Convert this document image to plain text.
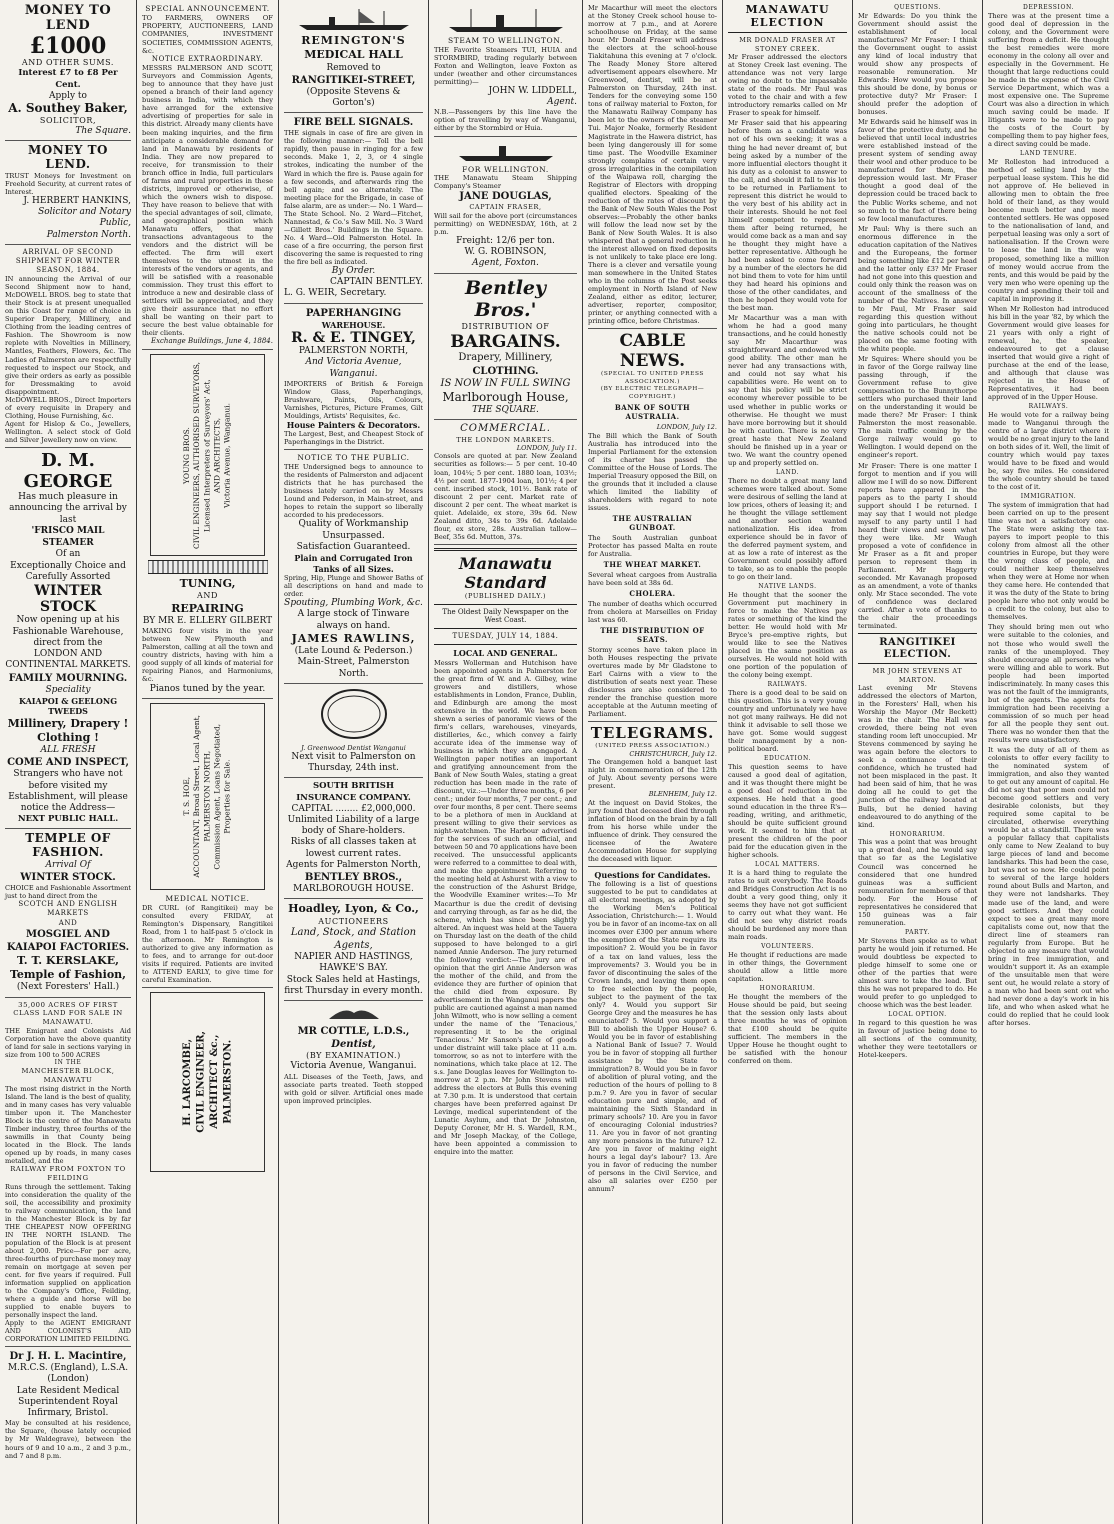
MONEY TO LEND
£1000
AND OTHER SUMS.
Interest £7 to £8 Per Cent.
Apply to
A. Southey Baker,
SOLICITOR,
The Square.
MONEY TO LEND.

TRUST Moneys for Investment on Freehold Security, at current rates of Interest.

J. HERBERT HANKINS,
Solicitor and Notary Public,
Palmerston North.
ARRIVAL OF SECOND SHIPMENT FOR WINTER SEASON, 1884.

IN announcing the Arrival of our Second Shipment now to hand, McDOWELL BROS. beg to state that their Stock is at present unequalled on this Coast for range of choice in Superior Drapery, Millinery, and Clothing from the leading centres of Fashion. The Showroom is now replete with Novelties in Millinery, Mantles, Feathers, Flowers, &c. The Ladies of Palmerston are respectfully requested to inspect our Stock, and give their orders as early as possible for Dressmaking to avoid disappointment.

McDOWELL BROS., Direct Importers of every requisite in Drapery and Clothing, House Furnishing, &c.

Agent for Hislop & Co., Jewellers, Wellington. A select stock of Gold and Silver Jewellery now on view.

D. M. GEORGE
Has much pleasure in announcing the arrival by last
'FRISCO MAIL STEAMER
Of an
Exceptionally Choice and Carefully Assorted
WINTER STOCK
Now opening up at his Fashionable Warehouse, direct from the
LONDON AND CONTINENTAL MARKETS.
FAMILY MOURNING.
Speciality
KAIAPOI & GEELONG TWEEDS
Millinery, Drapery ! Clothing !
ALL FRESH
COME AND INSPECT,
Strangers who have not before visited my Establishment, will please notice the Address—
NEXT PUBLIC HALL.
TEMPLE OF FASHION.
Arrival Of
WINTER STOCK.

CHOICE and Fashionable Assortment just to hand direct from the

SCOTCH AND ENGLISH MARKETS
AND
MOSGIEL AND KAIAPOI FACTORIES.
T. T. KERSLAKE,
Temple of Fashion,
(Next Foresters' Hall.)
35,000 ACRES OF FIRST CLASS LAND FOR SALE IN MANAWATU.

THE Emigrant and Colonists Aid Corporation have the above quantity of land for sale in sections varying in size from 100 to 500 ACRES

IN THE
MANCHESTER BLOCK, MANAWATU

The most rising district in the North Island. The land is the best of quality, and in many cases has very valuable timber upon it. The Manchester Block is the centre of the Manawatu Timber industry, three fourths of the sawmills in that County being located in the Block. The lands opened up by roads, in many cases metalled, and the

RAILWAY FROM FOXTON TO FEILDING

Runs through the settlement. Taking into consideration the quality of the soil, the accessibility and proximity to railway communication, the land in the Manchester Block is by far THE CHEAPEST NOW OFFERING IN THE NORTH ISLAND. The population of the Block is at present about 2,000. Price—For per acre, three-fourths of purchase money may remain on mortgage at seven per cent. for five years if required. Full information supplied on application to the Company's Office, Feilding, where a guide and horse will be supplied to enable buyers to personally inspect the land.

Apply to the AGENT EMIGRANT AND COLONIST'S AID CORPORATION LIMITED FEILDING.

Dr J. H. L. Macintire,
M.R.C.S. (England), L.S.A. (London)
Late Resident Medical Superintendent Royal Infirmary, Bristol.

May be consulted at his residence, the Square, (house lately occupied by Mr Waldegrave), between the hours of 9 and 10 a.m., 2 and 3 p.m., and 7 and 8 p.m.

SPECIAL ANNOUNCEMENT.

TO FARMERS, OWNERS OF PROPERTY, AUCTIONEERS, LAND COMPANIES, INVESTMENT SOCIETIES, COMMISSION AGENTS, &c.

NOTICE EXTRAORDINARY.

MESSRS PALMERSON AND SCOTT, Surveyors and Commission Agents, beg to announce that they have just opened a branch of their land agency business in India, with which they have arranged for the extensive advertising of properties for sale in this district. Already many clients have been making inquiries, and the firm anticipate a considerable demand for land in Manawatu by residents of India. They are now prepared to receive, for transmission to their branch office in India, full particulars of farms and rural properties in these districts, improved or otherwise, of which the owners wish to dispose. They have reason to believe that with the special advantages of soil, climate, and geographical position which Manawatu offers, that many transactions advantageous to the vendors and the district will be effected. The firm will exert themselves to the utmost in the interests of the vendors or agents, and will be satisfied with a reasonable commission. They trust this effort to introduce a new and desirable class of settlers will be appreciated, and they give their assurance that no effort shall be wanting on their part to secure the best value obtainable for their clients.

Exchange Buildings, June 4, 1884.
YOUNG BROS.
CIVIL ENGINEERS, AUTHORISED SURVEYORS,
Licensed Interpreters of Surveyors' Act,
AND ARCHITECTS,
Victoria Avenue, Wanganui.
TUNING,
AND
REPAIRING
BY MR E. ELLERY GILBERT

MAKING four visits in the year between New Plymouth and Palmerston, calling at all the town and country districts, having with him a good supply of all kinds of material for repairing Pianos, and Harmoniums, &c.

Pianos tuned by the year.
T. S. HOE,
ACCOUNTANT, Broad Street, Local Agent,
PALMERSTON NORTH,
Commission Agent, Loans Negotiated,
Properties for Sale.
MEDICAL NOTICE.

DR CURL (of Rangitikei) may be consulted every FRIDAY, at Remington's Dispensary, Rangitikei Road, from 1 to half-past 5 o'clock in the afternoon. Mr Remington is authorized to give any information as to fees, and to arrange for out-door visits if required. Patients are invited to ATTEND EARLY, to give time for careful Examination.

H. LARCOMBE,
CIVIL ENGINEER,
ARCHITECT &c.,
PALMERSTON.
REMINGTON'S
MEDICAL HALL
Removed to
RANGITIKEI-STREET,
(Opposite Stevens & Gorton's)
FIRE BELL SIGNALS.

THE signals in case of fire are given in the following manner:— Toll the bell rapidly, then pause in ringing for a few seconds. Make 1, 2, 3, or 4 single strokes, indicating the number of the Ward in which the fire is. Pause again for a few seconds, and afterwards ring the bell again; and so alternately. The meeting place for the Brigade, in case of false alarm, are as under:— No. 1 Ward—The State School. No. 2 Ward—Fitchet, Nannestad, & Co.'s Saw Mill. No. 3 Ward—Gillett Bros.' Buildings in the Square. No. 4 Ward—Old Palmerston Hotel. In case of a fire occurring, the person first discovering the same is requested to ring the fire bell as indicated.

By Order.
CAPTAIN BENTLEY.
L. G. WEIR, Secretary.
PAPERHANGING
WAREHOUSE.
R. & E. TINGEY,
PALMERSTON NORTH,
And Victoria Avenue, Wanganui.

IMPORTERS of British & Foreign Window Glass, Paperhangings, Brushware, Paints, Oils, Colours, Varnishes, Pictures, Picture Frames, Gilt Mouldings, Artists' Requisites, &c.

House Painters & Decorators.

The Largest, Best, and Cheapest Stock of Paperhangings in the District.

NOTICE TO THE PUBLIC.

THE Undersigned begs to announce to the residents of Palmerston and adjacent districts that he has purchased the business lately carried on by Messrs Lound and Pederson, in Main-street, and hopes to retain the support so liberally accorded to his predecessors.

Quality of Workmanship Unsurpassed.
Satisfaction Guaranteed.
Plain and Corrugated Iron Tanks of all Sizes.

Spring, Hip, Plunge and Shower Baths of all descriptions on hand and made to order.

Spouting, Plumbing Work, &c.
A large stock of Tinware always on hand.
JAMES RAWLINS,
(Late Lound & Pederson.)
Main-Street, Palmerston North.
J. Greenwood Dentist Wanganui
Next visit to Palmerston on Thursday, 24th inst.
SOUTH BRITISH INSURANCE COMPANY.
CAPITAL ........ £2,000,000.
Unlimited Liability of a large body of Share-holders.
Risks of all classes taken at lowest current rates.
Agents for Palmerston North,
BENTLEY BROS.,
MARLBOROUGH HOUSE.
Hoadley, Lyon, & Co.,
AUCTIONEERS
Land, Stock, and Station Agents,
NAPIER AND HASTINGS, HAWKE'S BAY.
Stock Sales held at Hastings, first Thursday in every month.
MR COTTLE, L.D.S.,
Dentist,
(BY EXAMINATION.)
Victoria Avenue, Wanganui.

ALL Diseases of the Teeth, Jaws, and associate parts treated. Teeth stopped with gold or silver. Artificial ones made upon improved principles.

STEAM TO WELLINGTON.

THE Favorite Steamers TUI, HUIA and STORMBIRD, trading regularly between Foxton and Wellington, leave Foxton as under (weather and other circumstances permitting)—

JOHN W. LIDDELL,
Agent.

N.B.—Passengers by this line have the option of travelling by way of Wanganui, either by the Stormbird or Huia.

FOR WELLINGTON.

THE Manawatu Steam Shipping Company's Steamer

JANE DOUGLAS,
CAPTAIN FRASER,

Will sail for the above port (circumstances permitting) on WEDNESDAY, 16th, at 2 p.m.

Freight: 12/6 per ton.
W. G. ROBINSON,
Agent, Foxton.
Bentley Bros.'
DISTRIBUTION OF
BARGAINS.
Drapery, Millinery,
CLOTHING.
IS NOW IN FULL SWING
Marlborough House,
THE SQUARE.
COMMERCIAL.
THE LONDON MARKETS.
LONDON, July 11.

Consols are quoted at par. New Zealand securities as follows:— 5 per cent. 10-40 loan, 104¼; 5 per cent. 1880 loan, 103½; 4½ per cent. 1877-1904 loan, 101½; 4 per cent. inscribed stock, 101½. Bank rate of discount 2 per cent. Market rate of discount 2 per cent. The wheat market is quiet. Adelaide, ex store, 39s 6d. New Zealand ditto, 34s to 39s 6d. Adelaide flour, ex store, 28s. Australian tallow—Beef, 35s 6d. Mutton, 37s.

Manawatu Standard
(PUBLISHED DAILY.)
The Oldest Daily Newspaper on the West Coast.
TUESDAY, JULY 14, 1884.
LOCAL AND GENERAL.

Messrs Wollerman and Hutchison have been appointed agents in Palmerston for the great firm of W. and A. Gilbey, wine growers and distillers, whose establishments in London, France, Dublin, and Edinburgh are among the most extensive in the world. We have been shewn a series of panoramic views of the firm's cellars, warehouses, vineyards, distilleries, &c., which convey a fairly accurate idea of the immense way of business in which they are engaged. A Wellington paper notifies an important and gratifying announcement from the Bank of New South Wales, stating a great reduction has been made in the rate of discount, viz.:—Under three months, 6 per cent.; under four months, 7 per cent.; and over four months, 8 per cent. There seems to be a plethora of men in Auckland at present willing to give their services as night-watchmen. The Harbour advertised for the services of such an official, and between 50 and 70 applications have been received. The unsuccessful applicants were referred to a committee to deal with, and make the appointment. Referring to the meeting held at Ashurst with a view to the construction of the Ashurst Bridge, the Woodville Examiner writes:—To Mr Macarthur is due the credit of devising and carrying through, as far as he did, the scheme, which has since been slightly altered. An inquest was held at the Tauera on Thursday last on the death of the child supposed to have belonged to a girl named Annie Anderson. The jury returned the following verdict:—The jury are of opinion that the girl Annie Anderson was the mother of the child, and from the evidence they are further of opinion that the child died from exposure. By advertisement in the Wanganui papers the public are cautioned against a man named John Wilmott, who is now selling a cement under the name of the 'Tenacious,' representing it to be the original 'Tenacious.' Mr Sanson's sale of goods under distraint will take place at 11 a.m. tomorrow, so as not to interfere with the nominations, which take place at 12. The s.s. Jane Douglas leaves for Wellington to-morrow at 2 p.m. Mr John Stevens will address the electors at Bulls this evening at 7.30 p.m. It is understood that certain charges have been preferred against Dr Levinge, medical superintendent of the Lunatic Asylum, and that Dr Johnston, Deputy Coroner, Mr H. S. Wardell, R.M., and Mr Joseph Mackay, of the College, have been appointed a commission to enquire into the matter.

Mr Macarthur will meet the electors at the Stoney Creek school house to-morrow at 7 p.m., and at Aorere schoolhouse on Friday, at the same hour. Mr Donald Fraser will address the electors at the school-house Tiakitahuna this evening at 7 o'clock. The Ready Money Store altered advertisement appears elsewhere. Mr Greenwood, dentist, will be at Palmerston on Thursday, 24th inst. Tenders for the conveying some 150 tons of railway material to Foxton, for the Manawatu Railway Company has been let to the owners of the steamer Tui. Major Noake, formerly Resident Magistrate in the Hawera district, has been lying dangerously ill for some time past. The Woodville Examiner strongly complains of certain very gross irregularities in the compilation of the Waipawa roll, charging the Registrar of Electors with dropping qualified electors. Speaking of the reduction of the rates of discount by the Bank of New South Wales the Post observes:—Probably the other banks will follow the lead now set by the Bank of New South Wales. It is also whispered that a general reduction in the interest allowed on fixed deposits is not unlikely to take place ere long. There is a clever and versatile young man somewhere in the United States who in the columns of the Post seeks employment in North Island of New Zealand, either as editor, lecturer, advertiser, reporter, compositor, printer, or anything connected with a printing office, before Christmas.

CABLE NEWS.
(SPECIAL TO UNITED PRESS ASSOCIATION.)
(BY ELECTRIC TELEGRAPH—COPYRIGHT.)
BANK OF SOUTH AUSTRALIA.
LONDON, July 12.

The Bill which the Bank of South Australia has introduced into the Imperial Parliament for the extension of its charter has passed the Committee of the House of Lords. The Imperial Treasury opposed the Bill, on the grounds that it included a clause which limited the liability of shareholders with regard to note issues.

THE AUSTRALIAN GUNBOAT.

The South Australian gunboat Protector has passed Malta en route for Australia.

THE WHEAT MARKET.

Several wheat cargoes from Australia have been sold at 38s 6d.

CHOLERA.

The number of deaths which occurred from cholera at Marseilles on Friday last was 60.

THE DISTRIBUTION OF SEATS.

Stormy scenes have taken place in both Houses respecting the private overtures made by Mr Gladstone to Earl Cairns with a view to the distribution of seats next year. These disclosures are also considered to render the franchise question more acceptable at the Autumn meeting of Parliament.

TELEGRAMS.
(UNITED PRESS ASSOCIATION.)
CHRISTCHURCH, July 12.

The Orangemen hold a banquet last night in commemoration of the 12th of July. About seventy persons were present.

BLENHEIM, July 12.

At the inquest on David Stokes, the jury found that deceased died through inflation of blood on the brain by a fall from his horse while under the influence of drink. They censured the licensee of the Awatere Accommodation House for supplying the deceased with liquor.

Questions for Candidates.

The following is a list of questions suggested to be put to candidates at all electoral meetings, as adopted by the Working Men's Political Association, Christchurch:— 1. Would you be in favor of an income-tax on all incomes over £300 per annum where the exemption of the State require its imposition? 2. Would you be in favor of a tax on land values, less the improvements? 3. Would you be in favor of discontinuing the sales of the Crown lands, and leaving them open to free selection by the people, subject to the payment of the tax only? 4. Would you support Sir George Grey and the measures he has enunciated? 5. Would you support a Bill to abolish the Upper House? 6. Would you be in favor of establishing a National Bank of Issue? 7. Would you be in favor of stopping all further assistance by the State to immigration? 8. Would you be in favor of abolition of plural voting, and the reduction of the hours of polling to 8 p.m.? 9. Are you in favor of secular education pure and simple, and of maintaining the Sixth Standard in primary schools? 10. Are you in favor of encouraging Colonial industries? 11. Are you in favor of not granting any more pensions in the future? 12. Are you in favor of making eight hours a legal day's labour? 13. Are you in favor of reducing the number of persons in the Civil Service, and also all salaries over £250 per annum?

MANAWATU ELECTION
MR DONALD FRASER AT STONEY CREEK.

Mr Fraser addressed the electors at Stoney Creek last evening. The attendance was not very large owing no doubt to the impassable state of the roads. Mr Paul was voted to the chair and with a few introductory remarks called on Mr Fraser to speak for himself.

Mr Fraser said that his appearing before them as a candidate was not of his own seeking; it was a thing he had never dreamt of, but being asked by a number of the more influential electors thought it his duty as a colonist to answer to the call, and should it fall to his lot to be returned in Parliament to represent this district he would to the very best of his ability act in their interests. Should he not feel himself competent to represent them after being returned, he would come back as a man and say he thought they might have a better representative. Although he had been asked to come forward by a number of the electors he did not bind them to vote for him until they had heard his opinions and those of the other candidates, and then he hoped they would vote for the best man.

Mr Macarthur was a man with whom he had a good many transactions, and he could honestly say Mr Macarthur was straightforward and endowed with good ability. The other man he never had any transactions with, and could not say what his capabilities were. He went on to say that his policy will be strict economy wherever possible to be used whether in public works or otherwise. He thought we must have more borrowing but it should be with caution. There is no very great haste that New Zealand should be finished up in a year or two. We want the country opened up and properly settled on.

LAND.

There no doubt a great many land schemes were talked about. Some were desirous of selling the land at low prices, others of leasing it; and he thought the village settlement and another section wanted nationalization. His idea from experience should be in favor of the deferred payment system, and at as low a rate of interest as the Government could possibly afford to take, so as to enable the people to go on their land.

NATIVE LANDS.

He thought that the sooner the Government put machinery in force to make the Natives pay rates or something of the kind the better. He would hold with Mr Bryce's pre-emptive rights, but would like to see the Natives placed in the same position as ourselves. He would not hold with one portion of the population of the colony being exempt.

RAILWAYS.

There is a good deal to be said on this question. This is a very young country and unfortunately we have not got many railways. He did not think it advisable to sell those we have got. Some would suggest their management by a non-political board.

EDUCATION.

This question seems to have caused a good deal of agitation, and it was thought there might be a good deal of reduction in the expenses. He held that a good sound education in the three R's—reading, writing, and arithmetic, should be quite sufficient ground work. It seemed to him that at present the children of the poor paid for the education given in the higher schools.

LOCAL MATTERS.

It is a hard thing to regulate the rates to suit everybody. The Roads and Bridges Construction Act is no doubt a very good thing, only it seems they have not got sufficient to carry out what they want. He did not see why district roads should be burdened any more than main roads.

VOLUNTEERS.

He thought if reductions are made in other things, the Government should allow a little more capitation.

HONORARIUM.

He thought the members of the House should be paid, but seeing that the session only lasts about three months he was of opinion that £100 should be quite sufficient. The members in the Upper House he thought ought to be satisfied with the honour conferred on them.

QUESTIONS.

Mr Edwards: Do you think the Government should assist the establishment of local manufactures? Mr Fraser: I think the Government ought to assist any kind of local industry that would show any prospects of reasonable remuneration. Mr Edwards: How would you propose this should be done, by bonus or protective duty? Mr Fraser: I should prefer the adoption of bonuses.

Mr Edwards said he himself was in favor of the protective duty, and he believed that until local industries were established instead of the present system of sending away their wool and other produce to be manufactured for them, the depression would last. Mr Fraser thought a good deal of the depression could be traced back to the Public Works scheme, and not so much to the fact of there being so few local manufactures.

Mr Paul: Why is there such an enormous difference in the education capitation of the Natives and the Europeans, the former being something like £12 per head and the latter only £3? Mr Fraser had not gone into this question and could only think the reason was on account of the smallness of the number of the Natives. In answer to Mr Paul, Mr Fraser said regarding this question without going into particulars, he thought the native schools could not be placed on the same footing with the white people.

Mr Squires: Where should you be in favor of the Gorge railway line passing through, if the Government refuse to give compensation to the Bunnythorpe settlers who purchased their land on the understanding it would be made there? Mr Fraser: I think Palmerston the most reasonable. The main traffic coming by the Gorge railway would go to Wellington. I would depend on the engineer's report.

Mr Fraser: There is one matter I forgot to mention and if you will allow me I will do so now. Different reports have appeared in the papers as to the party I should support should I be returned. I may say that I would not pledge myself to any party until I had heard their views and seen what they were like. Mr Waugh proposed a vote of confidence in Mr Fraser as a fit and proper person to represent them in Parliament. Mr Haggerty seconded. Mr Kavanagh proposed as an amendment, a vote of thanks only. Mr Stace seconded. The vote of confidence was declared carried. After a vote of thanks to the chair the proceedings terminated.

RANGITIKEI ELECTION.
MR JOHN STEVENS AT MARTON.

Last evening Mr Stevens addressed the electors of Marton, in the Foresters' Hall, when his Worship the Mayor (Mr Beckett) was in the chair. The Hall was crowded, there being not even standing room left unoccupied. Mr Stevens commenced by saying he was again before the electors to seek a continuance of their confidence, which he trusted had not been misplaced in the past. It had been said of him, that he was doing all he could to get the junction of the railway located at Bulls, but he denied having endeavoured to do anything of the kind.

HONORARIUM.

This was a point that was brought up a great deal, and he would say that so far as the Legislative Council was concerned he considered that one hundred guineas was a sufficient remuneration for members of that body. For the House of representatives he considered that 150 guineas was a fair remuneration.

PARTY.

Mr Stevens then spoke as to what party he would join if returned. He would doubtless be expected to pledge himself to some one or other of the parties that were almost sure to take the lead. But this he was not prepared to do. He would prefer to go unpledged to choose which was the best leader.

LOCAL OPTION.

In regard to this question he was in favour of justice being done to all sections of the community, whether they were teetotallers or Hotel-keepers.

DEPRESSION.

There was at the present time a good deal of depression in the colony, and the Government were suffering from a deficit. He thought the best remedies were more economy in the colony all over and especially in the Government. He thought that large reductions could be made in the expense of the Civil Service Department, which was a most expensive one. The Supreme Court was also a direction in which much saving could be made. If litigants were to be made to pay the costs of the Court by compelling them to pay higher fees, a direct saving could be made.

LAND TENURE.

Mr Rolleston had introduced a method of selling land by the perpetual lease system. This he did not approve of. He believed in allowing men to obtain the free hold of their land, as they would become much better and more contented settlers. He was opposed to the nationalisation of land, and perpetual leasing was only a sort of nationalisation. If the Crown were to lease the land in the way proposed, something like a million of money would accrue from the rents, and this would be paid by the very men who were opening up the country and spending their toil and capital in improving it.

When Mr Rolleston had introduced his bill in the year '82, by which the Government would give leases for 21 years with only a right of renewal, he, the speaker, endeavoured to get a clause inserted that would give a right of purchase at the end of the lease, and although that clause was rejected in the House of Representatives, it had been approved of in the Upper House.

RAILWAYS.

He would vote for a railway being made to Wanganui through the centre of a large district where it would be no great injury to the land on both sides of it. Well, the limit of country which would pay taxes would have to be fixed and would be, say five miles. He considered the whole country should be taxed to the cost of it.

IMMIGRATION.

The system of immigration that had been carried on up to the present time was not a satisfactory one. The State were asking the tax-payers to import people to this colony from almost all the other countries in Europe, but they were the wrong class of people, and could neither keep themselves when they were at Home nor when they came here. He contended that it was the duty of the State to bring people here who not only would be a credit to the colony, but also to themselves.

They should bring men out who were suitable to the colonies, and not those who would swell the ranks of the unemployed. They should encourage all persons who were willing and able to work. But people had been imported indiscriminately. In many cases this was not the fault of the immigrants, but of the agents. The agents for immigration had been receiving a commission of so much per head for all the people they sent out. There was no wonder then that the results were unsatisfactory.

It was the duty of all of them as colonists to offer every facility to the nominated system of immigration, and also they wanted to get out any amount of capital. He did not say that poor men could not become good settlers and very desirable colonists, but they required some capital to be circulated, otherwise everything would be at a standstill. There was a popular fallacy that capitalists only came to New Zealand to buy large pieces of land and become landsharks. This had been the case, but was not so now. He could point to several of the large holders round about Bulls and Marton, and they were not landsharks. They made use of the land, and were good settlers. And they could expect to see a great many more capitalists come out, now that the direct line of steamers ran regularly from Europe. But he objected to any measure that would bring in free immigration, and wouldn't support it. As an example of the unsuitable men that were sent out, he would relate a story of a man who had been sent out who had never done a day's work in his life, and who when asked what he could do replied that he could look after horses.
